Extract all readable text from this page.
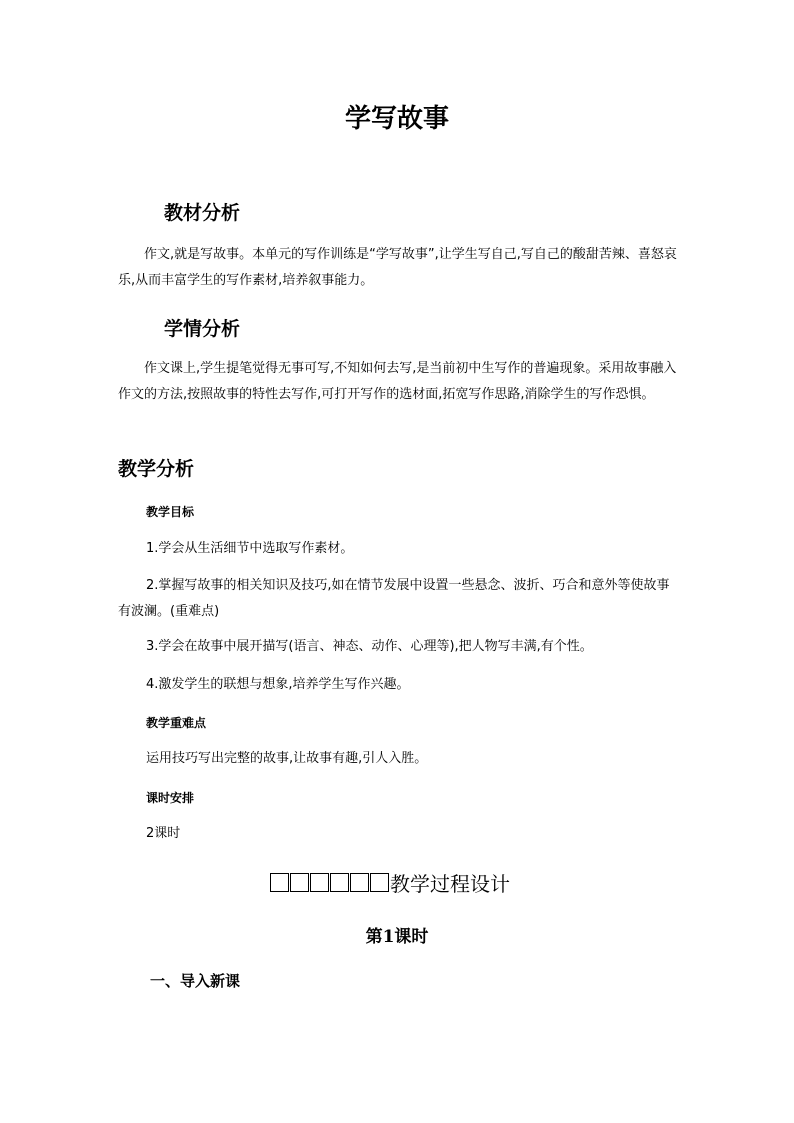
学写故事
教材分析

作文,就是写故事。本单元的写作训练是“学写故事”,让学生写自己,写自己的酸甜苦辣、喜怒哀乐,从而丰富学生的写作素材,培养叙事能力。

学情分析

作文课上,学生提笔觉得无事可写,不知如何去写,是当前初中生写作的普遍现象。采用故事融入作文的方法,按照故事的特性去写作,可打开写作的选材面,拓宽写作思路,消除学生的写作恐惧。

教学分析
教学目标
1.学会从生活细节中选取写作素材。
2.掌握写故事的相关知识及技巧,如在情节发展中设置一些悬念、波折、巧合和意外等使故事有波澜。(重难点)
3.学会在故事中展开描写(语言、神态、动作、心理等),把人物写丰满,有个性。
4.激发学生的联想与想象,培养学生写作兴趣。
教学重难点
运用技巧写出完整的故事,让故事有趣,引人入胜。
课时安排
2课时
教学过程设计
第1课时
一、导入新课
